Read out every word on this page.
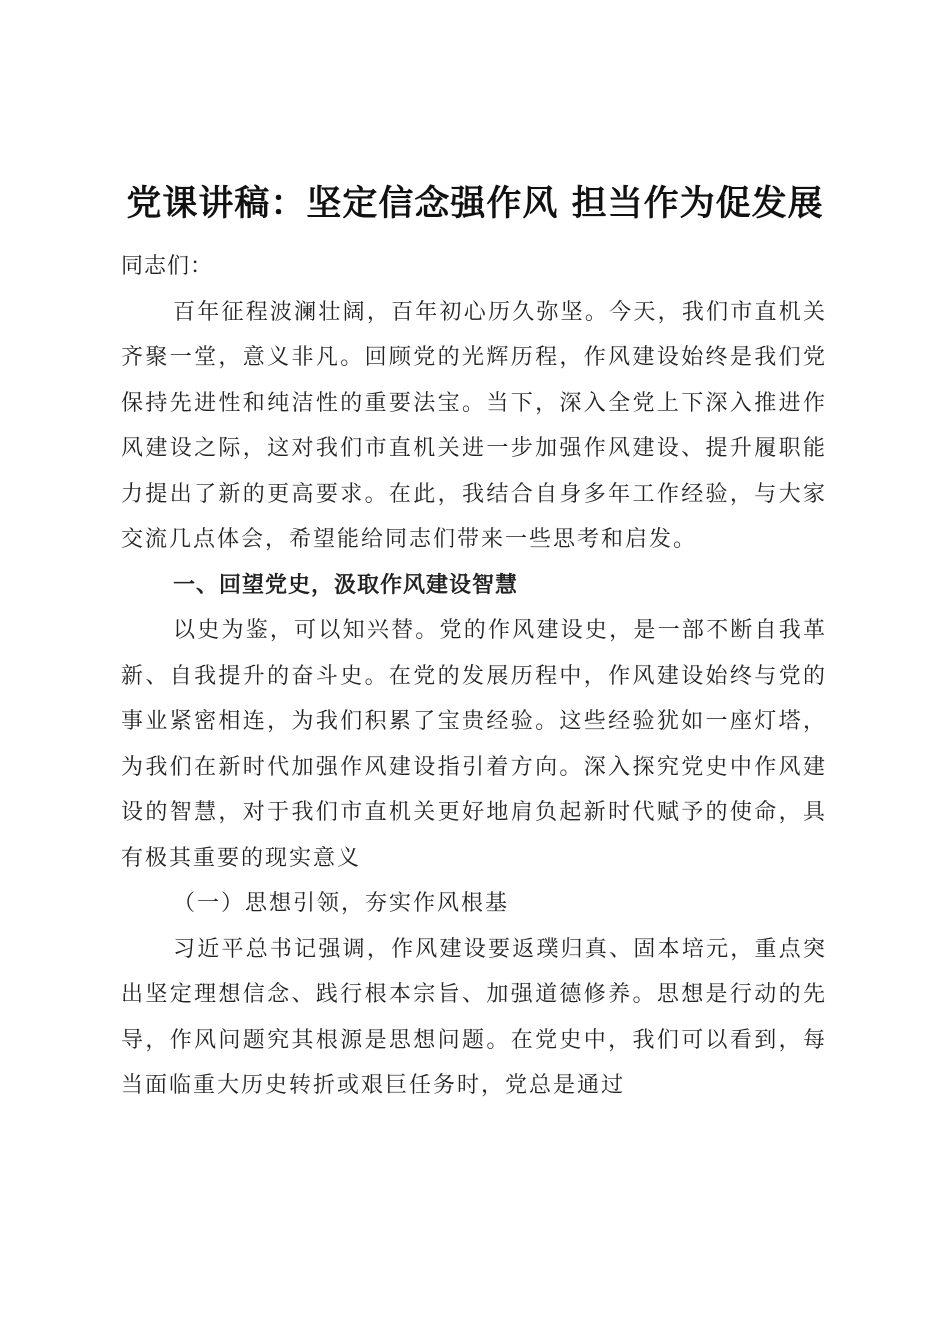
党课讲稿：坚定信念强作风 担当作为促发展

同志们：

百年征程波澜壮阔，百年初心历久弥坚。今天，我们市直机关齐聚一堂，意义非凡。回顾党的光辉历程，作风建设始终是我们党保持先进性和纯洁性的重要法宝。当下，深入全党上下深入推进作风建设之际，这对我们市直机关进一步加强作风建设、提升履职能力提出了新的更高要求。在此，我结合自身多年工作经验，与大家交流几点体会，希望能给同志们带来一些思考和启发。

一、回望党史，汲取作风建设智慧

以史为鉴，可以知兴替。党的作风建设史，是一部不断自我革新、自我提升的奋斗史。在党的发展历程中，作风建设始终与党的事业紧密相连，为我们积累了宝贵经验。这些经验犹如一座灯塔，为我们在新时代加强作风建设指引着方向。深入探究党史中作风建设的智慧，对于我们市直机关更好地肩负起新时代赋予的使命，具有极其重要的现实意义

（一）思想引领，夯实作风根基

习近平总书记强调，作风建设要返璞归真、固本培元，重点突出坚定理想信念、践行根本宗旨、加强道德修养。思想是行动的先导，作风问题究其根源是思想问题。在党史中，我们可以看到，每当面临重大历史转折或艰巨任务时，党总是通过
